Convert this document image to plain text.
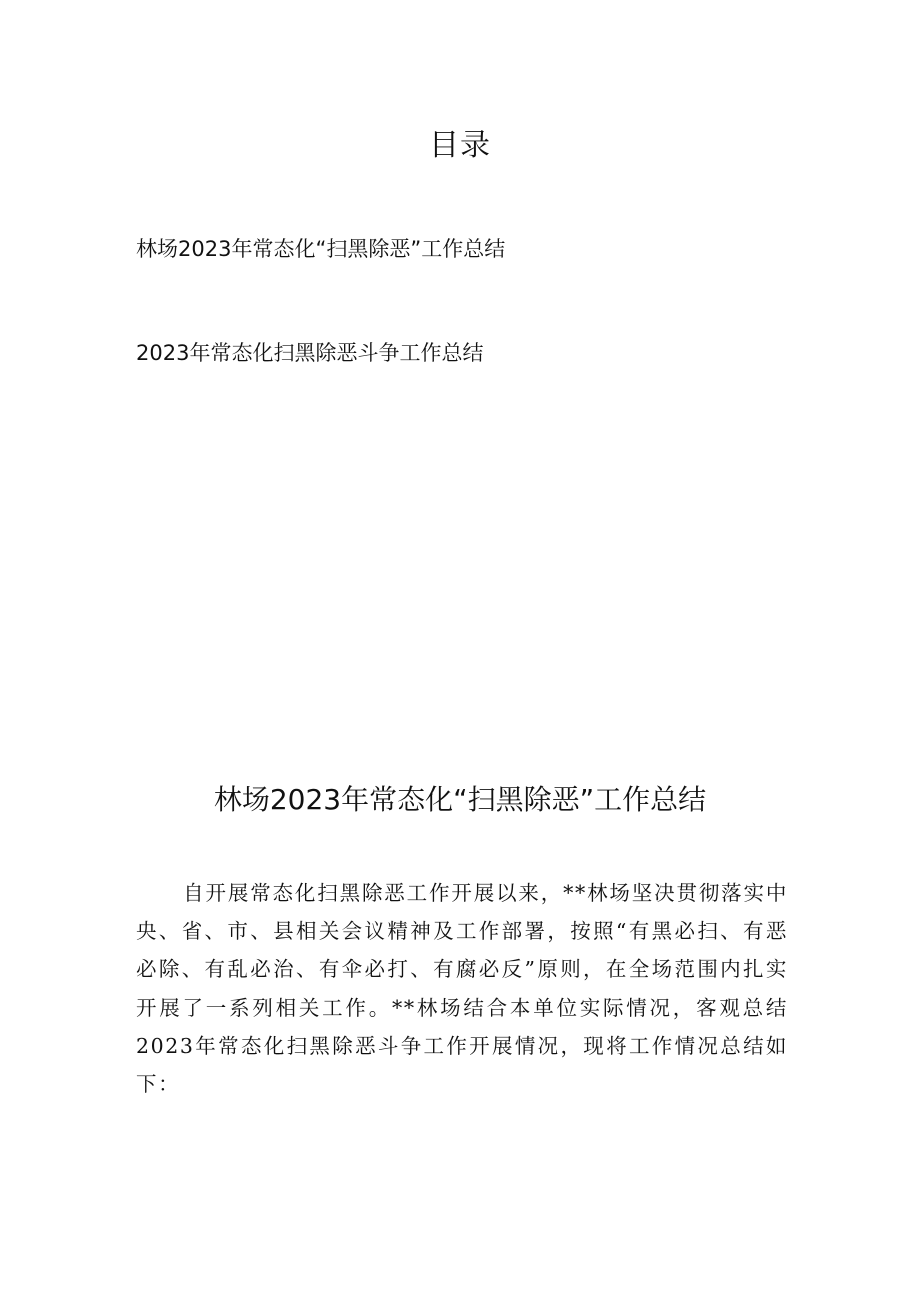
目录
林场2023年常态化“扫黑除恶”工作总结
2023年常态化扫黑除恶斗争工作总结
林场2023年常态化“扫黑除恶”工作总结

自开展常态化扫黑除恶工作开展以来，**林场坚决贯彻落实中央、省、市、县相关会议精神及工作部署，按照“有黑必扫、有恶必除、有乱必治、有伞必打、有腐必反”原则，在全场范围内扎实开展了一系列相关工作。**林场结合本单位实际情况，客观总结2023年常态化扫黑除恶斗争工作开展情况，现将工作情况总结如下：
